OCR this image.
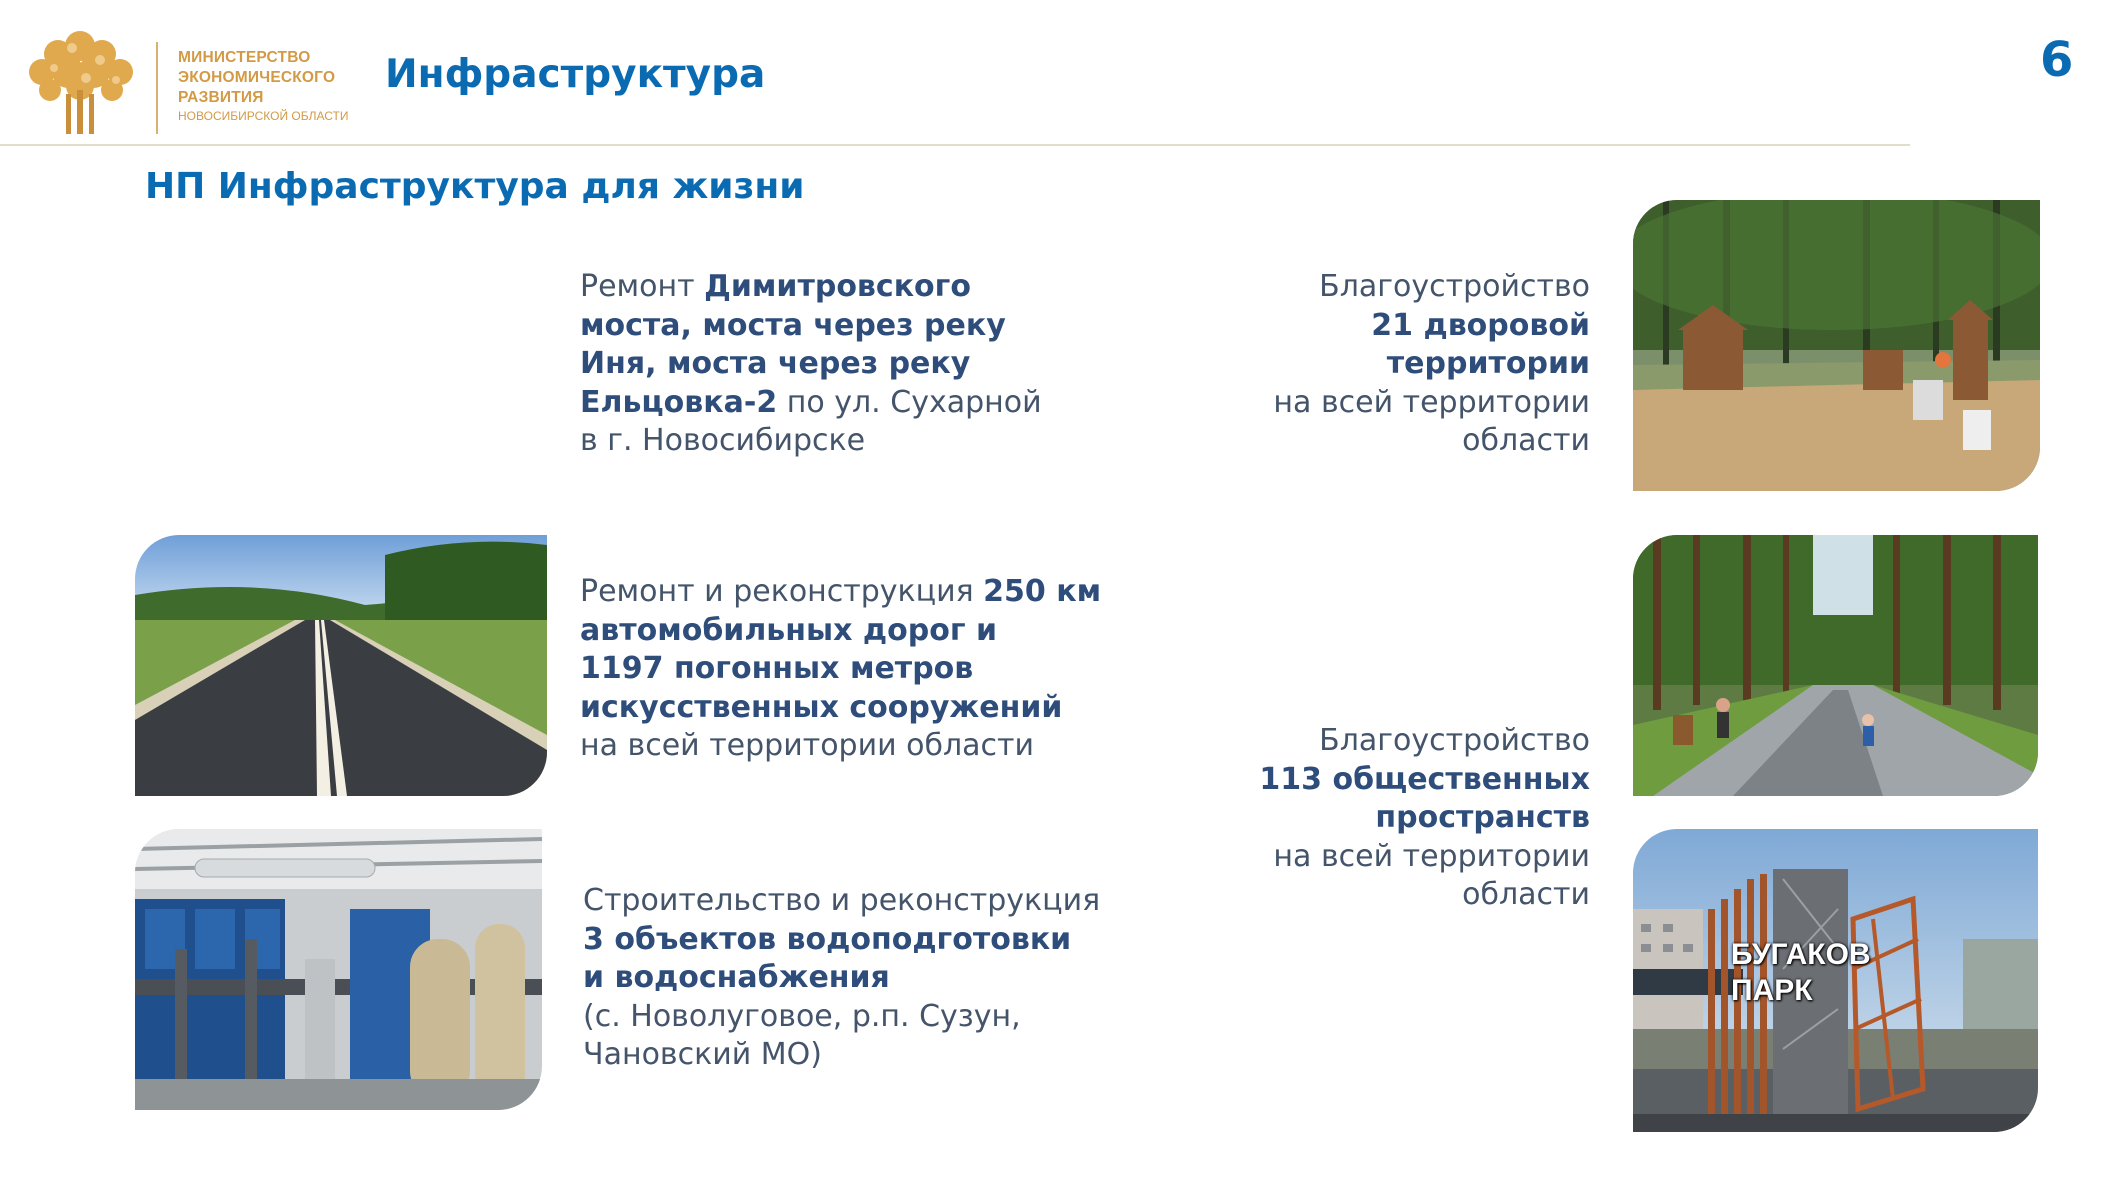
МИНИСТЕРСТВО
ЭКОНОМИЧЕСКОГО
РАЗВИТИЯ
НОВОСИБИРСКОЙ ОБЛАСТИ
Инфраструктура	6
НП Инфраструктура для жизни
Ремонт Димитровского
моста, моста через реку
Иня, моста через реку
Ельцовка-2 по ул. Сухарной
в г. Новосибирске
Ремонт и реконструкция 250 км
автомобильных дорог и
1197 погонных метров
искусственных сооружений
на всей территории области
Строительство и реконструкция
3 объектов водоподготовки
и водоснабжения
(с. Новолуговое, р.п. Сузун,
Чановский МО)
Благоустройство
21 дворовой
территории
на всей территории
области
Благоустройство
113 общественных
пространств
на всей территории
области
БУГАКОВ ПАРК
